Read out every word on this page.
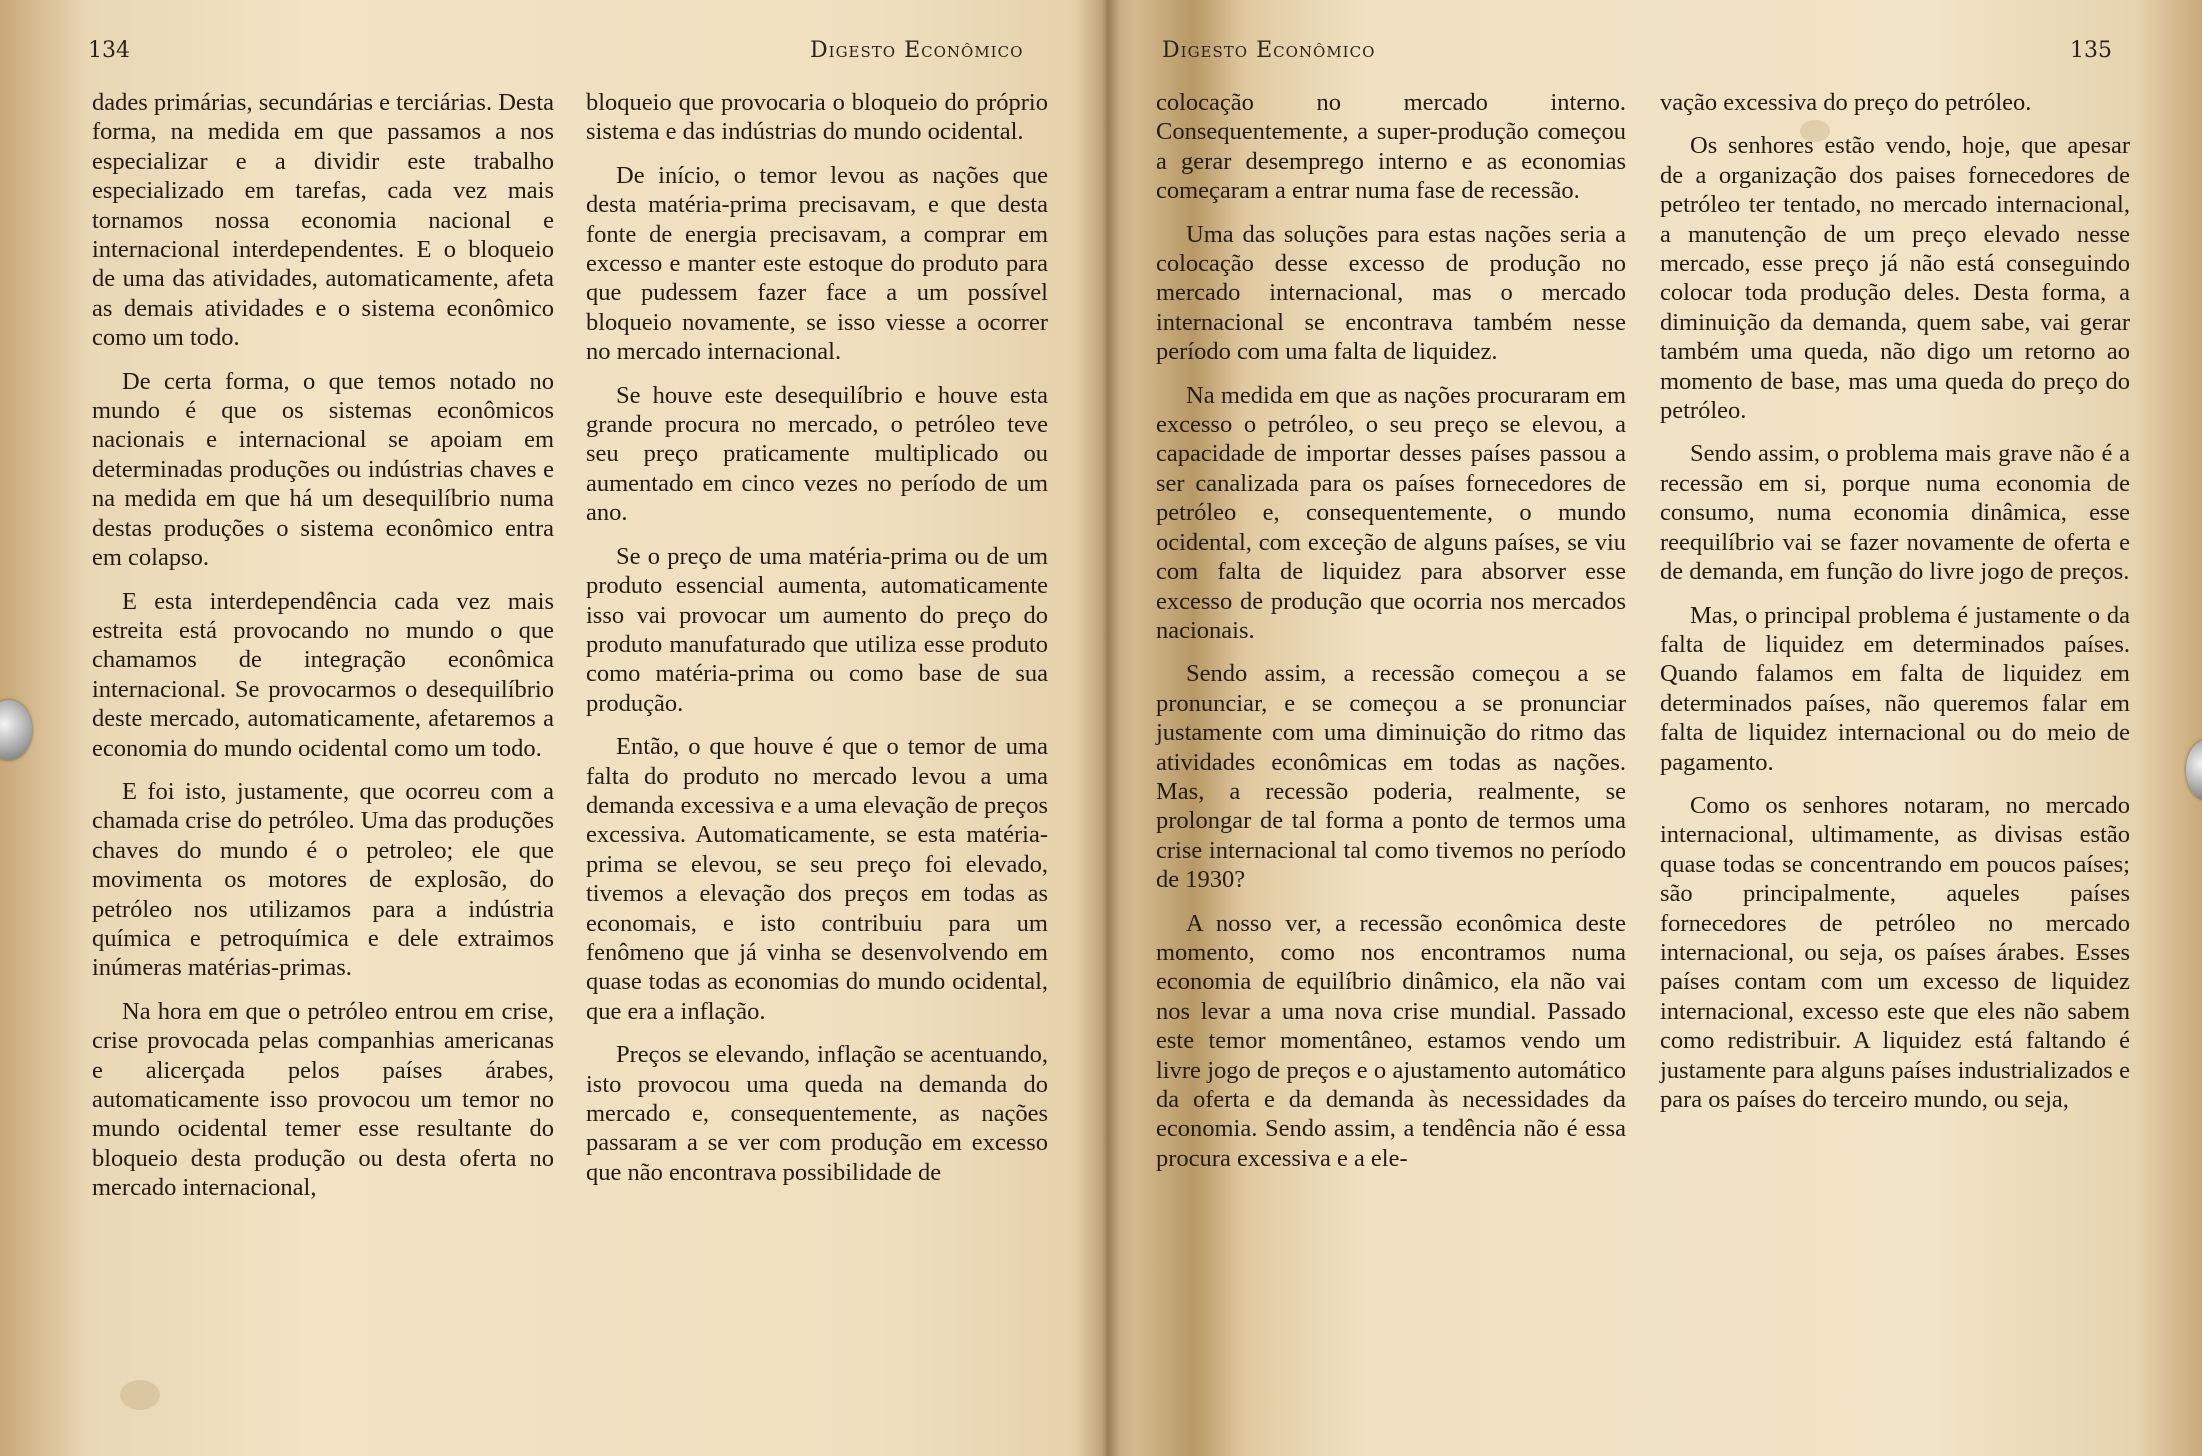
134	Digesto Econômico

dades primárias, secundárias e terciárias. Desta forma, na medida em que passamos a nos especializar e a dividir este trabalho especializado em tarefas, cada vez mais tornamos nossa economia nacional e internacional interdependentes. E o bloqueio de uma das atividades, automaticamente, afeta as demais atividades e o sistema econômico como um todo.

De certa forma, o que temos notado no mundo é que os sistemas econômicos nacionais e internacional se apoiam em determinadas produções ou indústrias chaves e na medida em que há um desequilíbrio numa destas produções o sistema econômico entra em colapso.

E esta interdependência cada vez mais estreita está provocando no mundo o que chamamos de integração econômica internacional. Se provocarmos o desequilíbrio deste mercado, automaticamente, afetaremos a economia do mundo ocidental como um todo.

E foi isto, justamente, que ocorreu com a chamada crise do petróleo. Uma das produções chaves do mundo é o petroleo; ele que movimenta os motores de explosão, do petróleo nos utilizamos para a indústria química e petroquímica e dele extraimos inúmeras matérias-primas.

Na hora em que o petróleo entrou em crise, crise provocada pelas companhias americanas e alicerçada pelos países árabes, automaticamente isso provocou um temor no mundo ocidental temer esse resultante do bloqueio desta produção ou desta oferta no mercado internacional,

bloqueio que provocaria o bloqueio do próprio sistema e das indústrias do mundo ocidental.

De início, o temor levou as nações que desta matéria-prima precisavam, e que desta fonte de energia precisavam, a comprar em excesso e manter este estoque do produto para que pudessem fazer face a um possível bloqueio novamente, se isso viesse a ocorrer no mercado internacional.

Se houve este desequilíbrio e houve esta grande procura no mercado, o petróleo teve seu preço praticamente multiplicado ou aumentado em cinco vezes no período de um ano.

Se o preço de uma matéria-prima ou de um produto essencial aumenta, automaticamente isso vai provocar um aumento do preço do produto manufaturado que utiliza esse produto como matéria-prima ou como base de sua produção.

Então, o que houve é que o temor de uma falta do produto no mercado levou a uma demanda excessiva e a uma elevação de preços excessiva. Automaticamente, se esta matéria-prima se elevou, se seu preço foi elevado, tivemos a elevação dos preços em todas as economais, e isto contribuiu para um fenômeno que já vinha se desenvolvendo em quase todas as economias do mundo ocidental, que era a inflação.

Preços se elevando, inflação se acentuando, isto provocou uma queda na demanda do mercado e, consequentemente, as nações passaram a se ver com produção em excesso que não encontrava possibilidade de

Digesto Econômico	135

colocação no mercado interno. Consequentemente, a super-produção começou a gerar desemprego interno e as economias começaram a entrar numa fase de recessão.

Uma das soluções para estas nações seria a colocação desse excesso de produção no mercado internacional, mas o mercado internacional se encontrava também nesse período com uma falta de liquidez.

Na medida em que as nações procuraram em excesso o petróleo, o seu preço se elevou, a capacidade de importar desses países passou a ser canalizada para os países fornecedores de petróleo e, consequentemente, o mundo ocidental, com exceção de alguns países, se viu com falta de liquidez para absorver esse excesso de produção que ocorria nos mercados nacionais.

Sendo assim, a recessão começou a se pronunciar, e se começou a se pronunciar justamente com uma diminuição do ritmo das atividades econômicas em todas as nações. Mas, a recessão poderia, realmente, se prolongar de tal forma a ponto de termos uma crise internacional tal como tivemos no período de 1930?

A nosso ver, a recessão econômica deste momento, como nos encontramos numa economia de equilíbrio dinâmico, ela não vai nos levar a uma nova crise mundial. Passado este temor momentâneo, estamos vendo um livre jogo de preços e o ajustamento automático da oferta e da demanda às necessidades da economia. Sendo assim, a tendência não é essa procura excessiva e a ele-

vação excessiva do preço do petróleo.

Os senhores estão vendo, hoje, que apesar de a organização dos paises fornecedores de petróleo ter tentado, no mercado internacional, a manutenção de um preço elevado nesse mercado, esse preço já não está conseguindo colocar toda produção deles. Desta forma, a diminuição da demanda, quem sabe, vai gerar também uma queda, não digo um retorno ao momento de base, mas uma queda do preço do petróleo.

Sendo assim, o problema mais grave não é a recessão em si, porque numa economia de consumo, numa economia dinâmica, esse reequilíbrio vai se fazer novamente de oferta e de demanda, em função do livre jogo de preços.

Mas, o principal problema é justamente o da falta de liquidez em determinados países. Quando falamos em falta de liquidez em determinados países, não queremos falar em falta de liquidez internacional ou do meio de pagamento.

Como os senhores notaram, no mercado internacional, ultimamente, as divisas estão quase todas se concentrando em poucos países; são principalmente, aqueles países fornecedores de petróleo no mercado internacional, ou seja, os países árabes. Esses países contam com um excesso de liquidez internacional, excesso este que eles não sabem como redistribuir. A liquidez está faltando é justamente para alguns países industrializados e para os países do terceiro mundo, ou seja,
